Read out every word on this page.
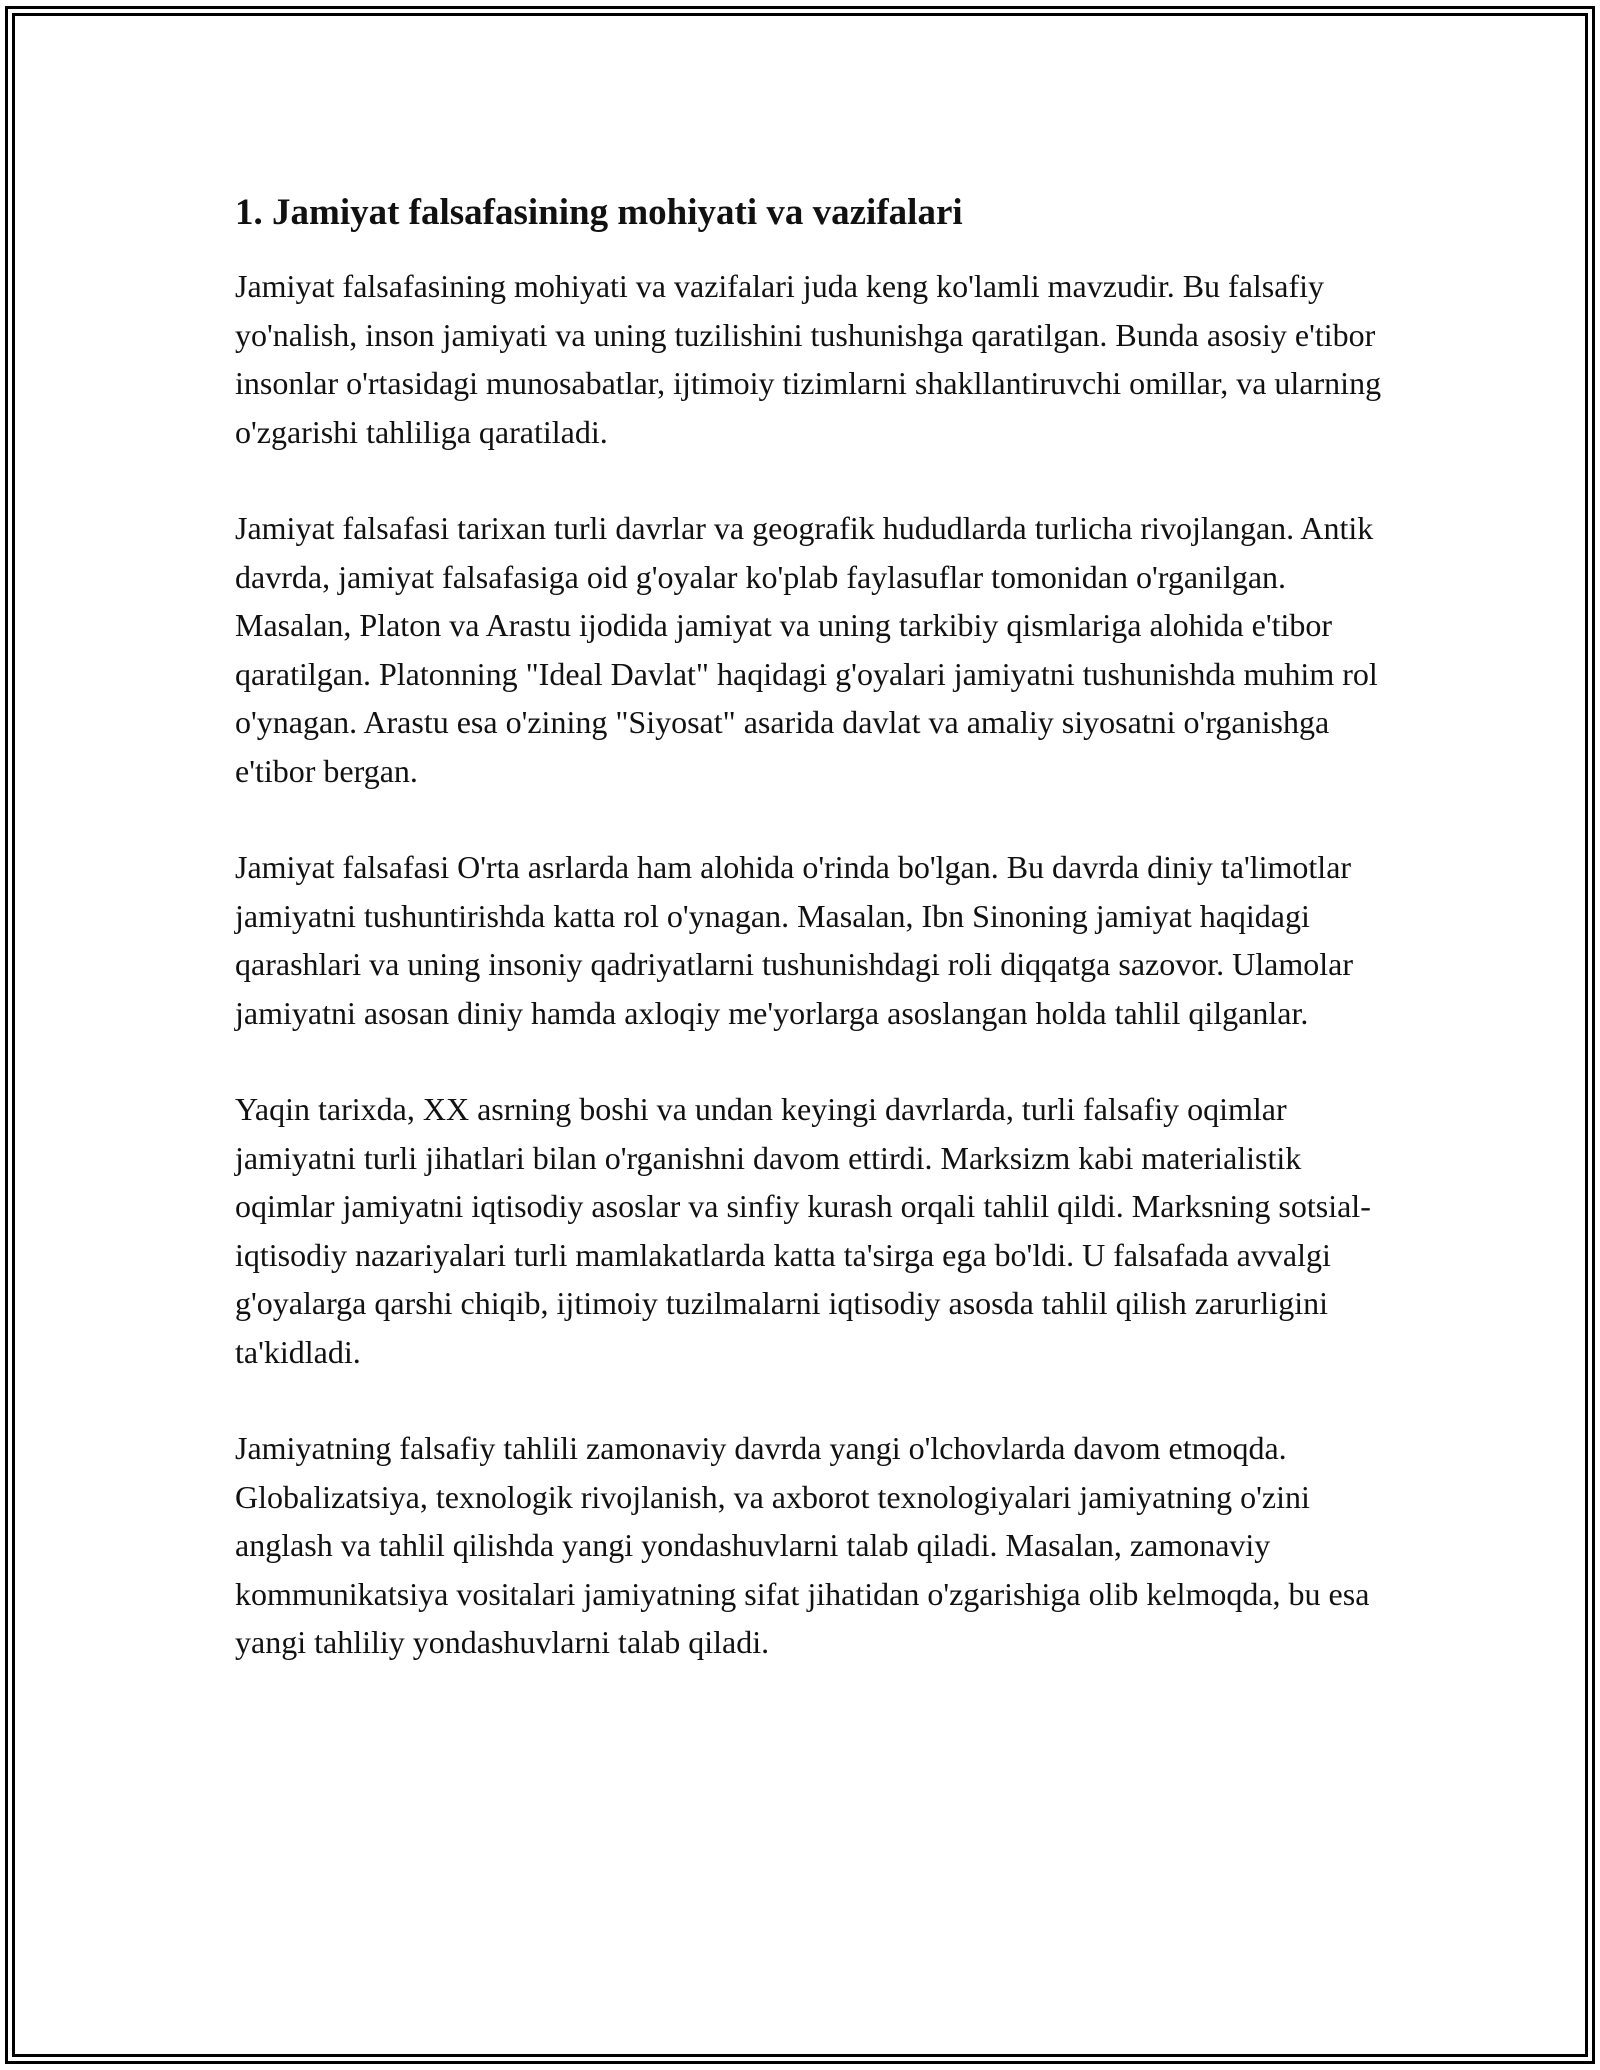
1. Jamiyat falsafasining mohiyati va vazifalari

Jamiyat falsafasining mohiyati va vazifalari juda keng ko'lamli mavzudir. Bu falsafiy yo'nalish, inson jamiyati va uning tuzilishini tushunishga qaratilgan. Bunda asosiy e'tibor insonlar o'rtasidagi munosabatlar, ijtimoiy tizimlarni shakllantiruvchi omillar, va ularning o'zgarishi tahliliga qaratiladi.

Jamiyat falsafasi tarixan turli davrlar va geografik hududlarda turlicha rivojlangan. Antik davrda, jamiyat falsafasiga oid g'oyalar ko'plab faylasuflar tomonidan o'rganilgan. Masalan, Platon va Arastu ijodida jamiyat va uning tarkibiy qismlariga alohida e'tibor qaratilgan. Platonning "Ideal Davlat" haqidagi g'oyalari jamiyatni tushunishda muhim rol o'ynagan. Arastu esa o'zining "Siyosat" asarida davlat va amaliy siyosatni o'rganishga e'tibor bergan.

Jamiyat falsafasi O'rta asrlarda ham alohida o'rinda bo'lgan. Bu davrda diniy ta'limotlar jamiyatni tushuntirishda katta rol o'ynagan. Masalan, Ibn Sinoning jamiyat haqidagi qarashlari va uning insoniy qadriyatlarni tushunishdagi roli diqqatga sazovor. Ulamolar jamiyatni asosan diniy hamda axloqiy me'yorlarga asoslangan holda tahlil qilganlar.

Yaqin tarixda, XX asrning boshi va undan keyingi davrlarda, turli falsafiy oqimlar jamiyatni turli jihatlari bilan o'rganishni davom ettirdi. Marksizm kabi materialistik oqimlar jamiyatni iqtisodiy asoslar va sinfiy kurash orqali tahlil qildi. Marksning sotsial-iqtisodiy nazariyalari turli mamlakatlarda katta ta'sirga ega bo'ldi. U falsafada avvalgi g'oyalarga qarshi chiqib, ijtimoiy tuzilmalarni iqtisodiy asosda tahlil qilish zarurligini ta'kidladi.

Jamiyatning falsafiy tahlili zamonaviy davrda yangi o'lchovlarda davom etmoqda. Globalizatsiya, texnologik rivojlanish, va axborot texnologiyalari jamiyatning o'zini anglash va tahlil qilishda yangi yondashuvlarni talab qiladi. Masalan, zamonaviy kommunikatsiya vositalari jamiyatning sifat jihatidan o'zgarishiga olib kelmoqda, bu esa yangi tahliliy yondashuvlarni talab qiladi.
